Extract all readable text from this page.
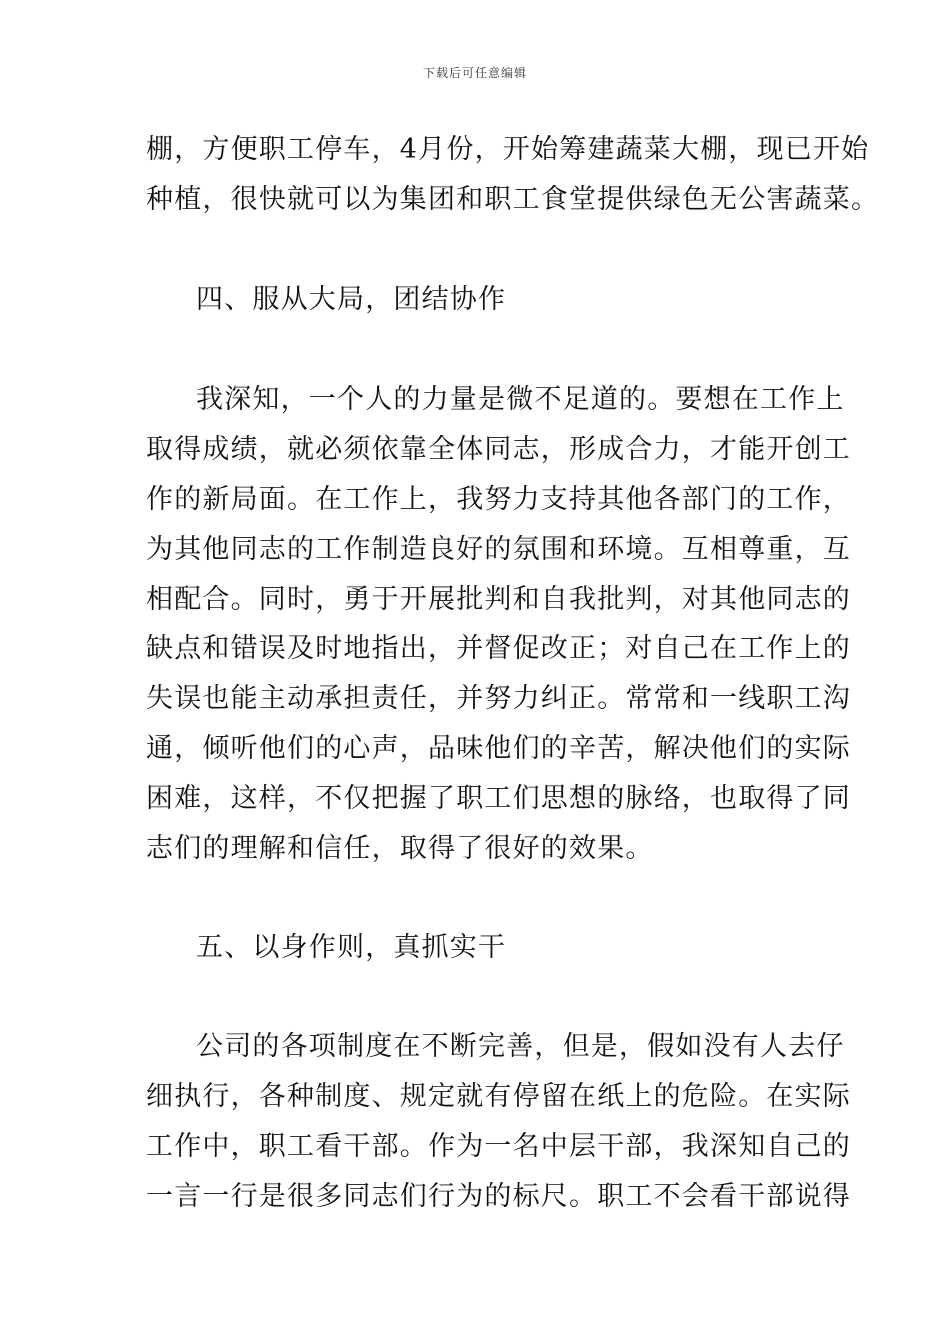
下载后可任意编辑
棚，方便职工停车，4月份，开始筹建蔬菜大棚，现已开始
种植，很快就可以为集团和职工食堂提供绿色无公害蔬菜。
四、服从大局，团结协作
我深知，一个人的力量是微不足道的。要想在工作上
取得成绩，就必须依靠全体同志，形成合力，才能开创工
作的新局面。在工作上，我努力支持其他各部门的工作，
为其他同志的工作制造良好的氛围和环境。互相尊重，互
相配合。同时，勇于开展批判和自我批判，对其他同志的
缺点和错误及时地指出，并督促改正；对自己在工作上的
失误也能主动承担责任，并努力纠正。常常和一线职工沟
通，倾听他们的心声，品味他们的辛苦，解决他们的实际
困难，这样，不仅把握了职工们思想的脉络，也取得了同
志们的理解和信任，取得了很好的效果。
五、以身作则，真抓实干
公司的各项制度在不断完善，但是，假如没有人去仔
细执行，各种制度、规定就有停留在纸上的危险。在实际
工作中，职工看干部。作为一名中层干部，我深知自己的
一言一行是很多同志们行为的标尺。职工不会看干部说得
